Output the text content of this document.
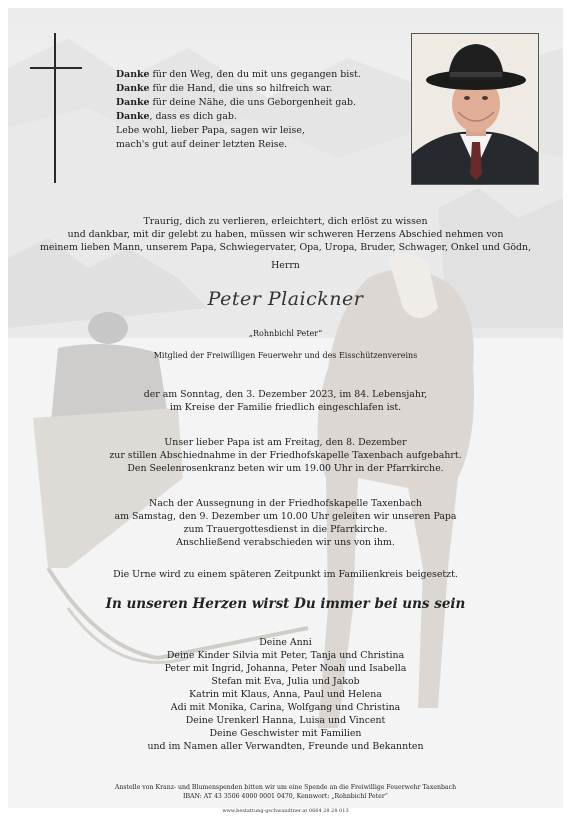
Danke für den Weg, den du mit uns gegangen bist.
Danke für die Hand, die uns so hilfreich war.
Danke für deine Nähe, die uns Geborgenheit gab.
Danke, dass es dich gab.
Lebe wohl, lieber Papa, sagen wir leise,
mach's gut auf deiner letzten Reise.
Traurig, dich zu verlieren, erleichtert, dich erlöst zu wissen
und dankbar, mit dir gelebt zu haben, müssen wir schweren Herzens Abschied nehmen von
meinem lieben Mann, unserem Papa, Schwiegervater, Opa, Uropa, Bruder, Schwager, Onkel und Gödn,
Herrn
Peter Plaickner
„Rohnbichl Peter“
Mitglied der Freiwilligen Feuerwehr und des Eisschützenvereins
der am Sonntag, den 3. Dezember 2023, im 84. Lebensjahr,
im Kreise der Familie friedlich eingeschlafen ist.
Unser lieber Papa ist am Freitag, den 8. Dezember
zur stillen Abschiednahme in der Friedhofskapelle Taxenbach aufgebahrt.
Den Seelenrosenkranz beten wir um 19.00 Uhr in der Pfarrkirche.
Nach der Aussegnung in der Friedhofskapelle Taxenbach
am Samstag, den 9. Dezember um 10.00 Uhr geleiten wir unseren Papa
zum Trauergottesdienst in die Pfarrkirche.
Anschließend verabschieden wir uns von ihm.
Die Urne wird zu einem späteren Zeitpunkt im Familienkreis beigesetzt.
In unseren Herzen wirst Du immer bei uns sein
Deine Anni
Deine Kinder Silvia mit Peter, Tanja und Christina
Peter mit Ingrid, Johanna, Peter Noah und Isabella
Stefan mit Eva, Julia und Jakob
Katrin mit Klaus, Anna, Paul und Helena
Adi mit Monika, Carina, Wolfgang und Christina
Deine Urenkerl Hanna, Luisa und Vincent
Deine Geschwister mit Familien
und im Namen aller Verwandten, Freunde und Bekannten
Anstelle von Kranz- und Blumenspenden bitten wir um eine Spende an die Freiwillige Feuerwehr Taxenbach
IBAN: AT 43 3506 4000 0001 0470, Kennwort: „Rohnbichl Peter“
www.bestattung-gschwandtner.at 0664 28 28 013
